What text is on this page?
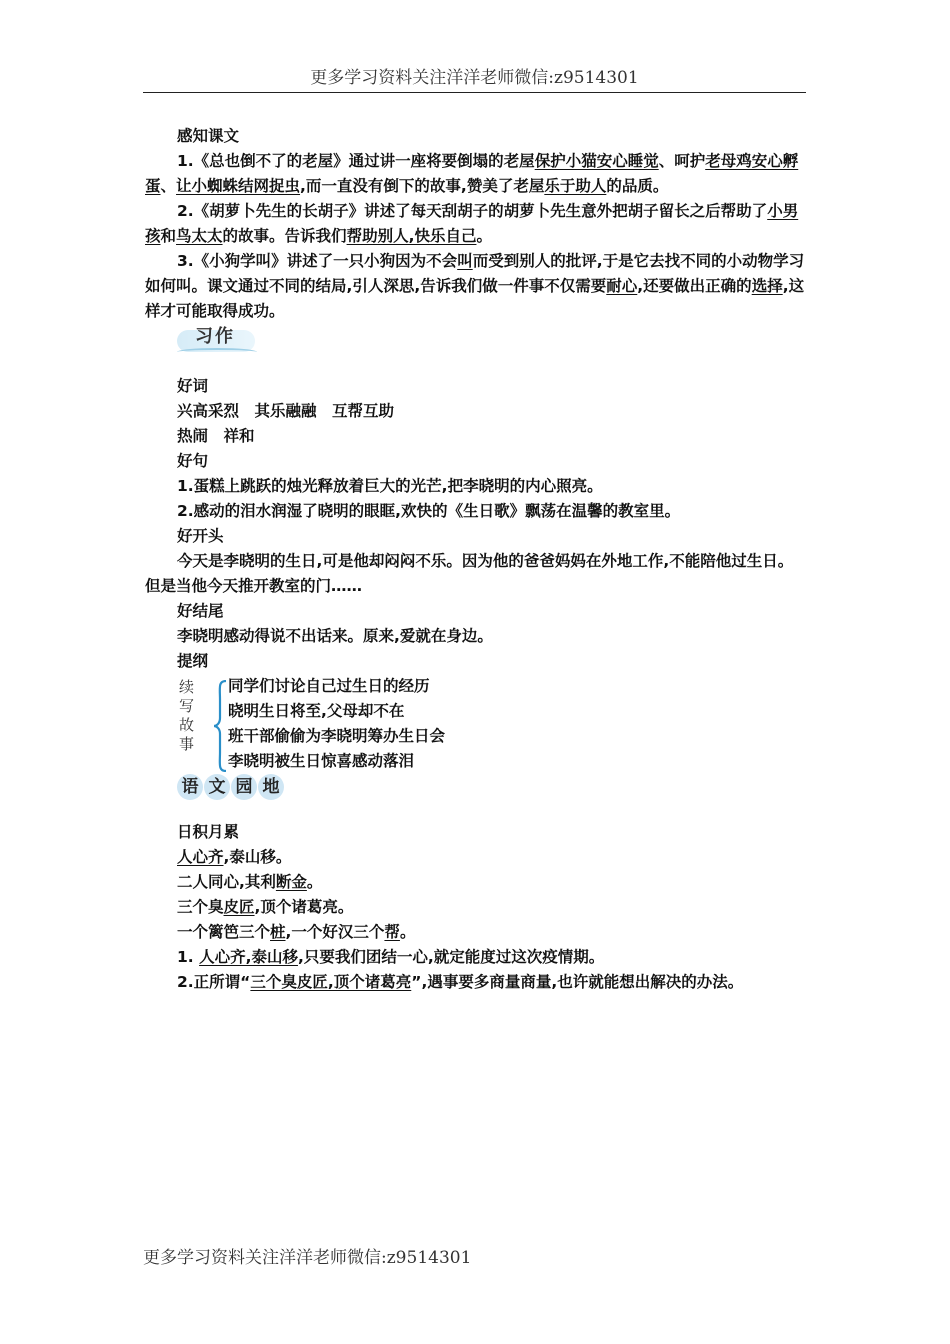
更多学习资料关注洋洋老师微信:z9514301

感知课文

1.《总也倒不了的老屋》通过讲一座将要倒塌的老屋保护小猫安心睡觉、呵护老母鸡安心孵蛋、让小蜘蛛结网捉虫,而一直没有倒下的故事,赞美了老屋乐于助人的品质。

2.《胡萝卜先生的长胡子》讲述了每天刮胡子的胡萝卜先生意外把胡子留长之后帮助了小男孩和鸟太太的故事。告诉我们帮助别人,快乐自己。

3.《小狗学叫》讲述了一只小狗因为不会叫而受到别人的批评,于是它去找不同的小动物学习如何叫。课文通过不同的结局,引人深思,告诉我们做一件事不仅需要耐心,还要做出正确的选择,这样才可能取得成功。

习作

好词

兴高采烈　其乐融融　互帮互助

热闹　祥和

好句

1.蛋糕上跳跃的烛光释放着巨大的光芒,把李晓明的内心照亮。

2.感动的泪水润湿了晓明的眼眶,欢快的《生日歌》飘荡在温馨的教室里。

好开头

今天是李晓明的生日,可是他却闷闷不乐。因为他的爸爸妈妈在外地工作,不能陪他过生日。但是当他今天推开教室的门……

好结尾

李晓明感动得说不出话来。原来,爱就在身边。

提纲

续写故事
同学们讨论自己过生日的经历
晓明生日将至,父母却不在
班干部偷偷为李晓明筹办生日会
李晓明被生日惊喜感动落泪
语 文 园 地

日积月累

人心齐,泰山移。

二人同心,其利断金。

三个臭皮匠,顶个诸葛亮。

一个篱笆三个桩,一个好汉三个帮。

1. 人心齐,泰山移,只要我们团结一心,就定能度过这次疫情期。

2.正所谓“三个臭皮匠,顶个诸葛亮”,遇事要多商量商量,也许就能想出解决的办法。

更多学习资料关注洋洋老师微信:z9514301
